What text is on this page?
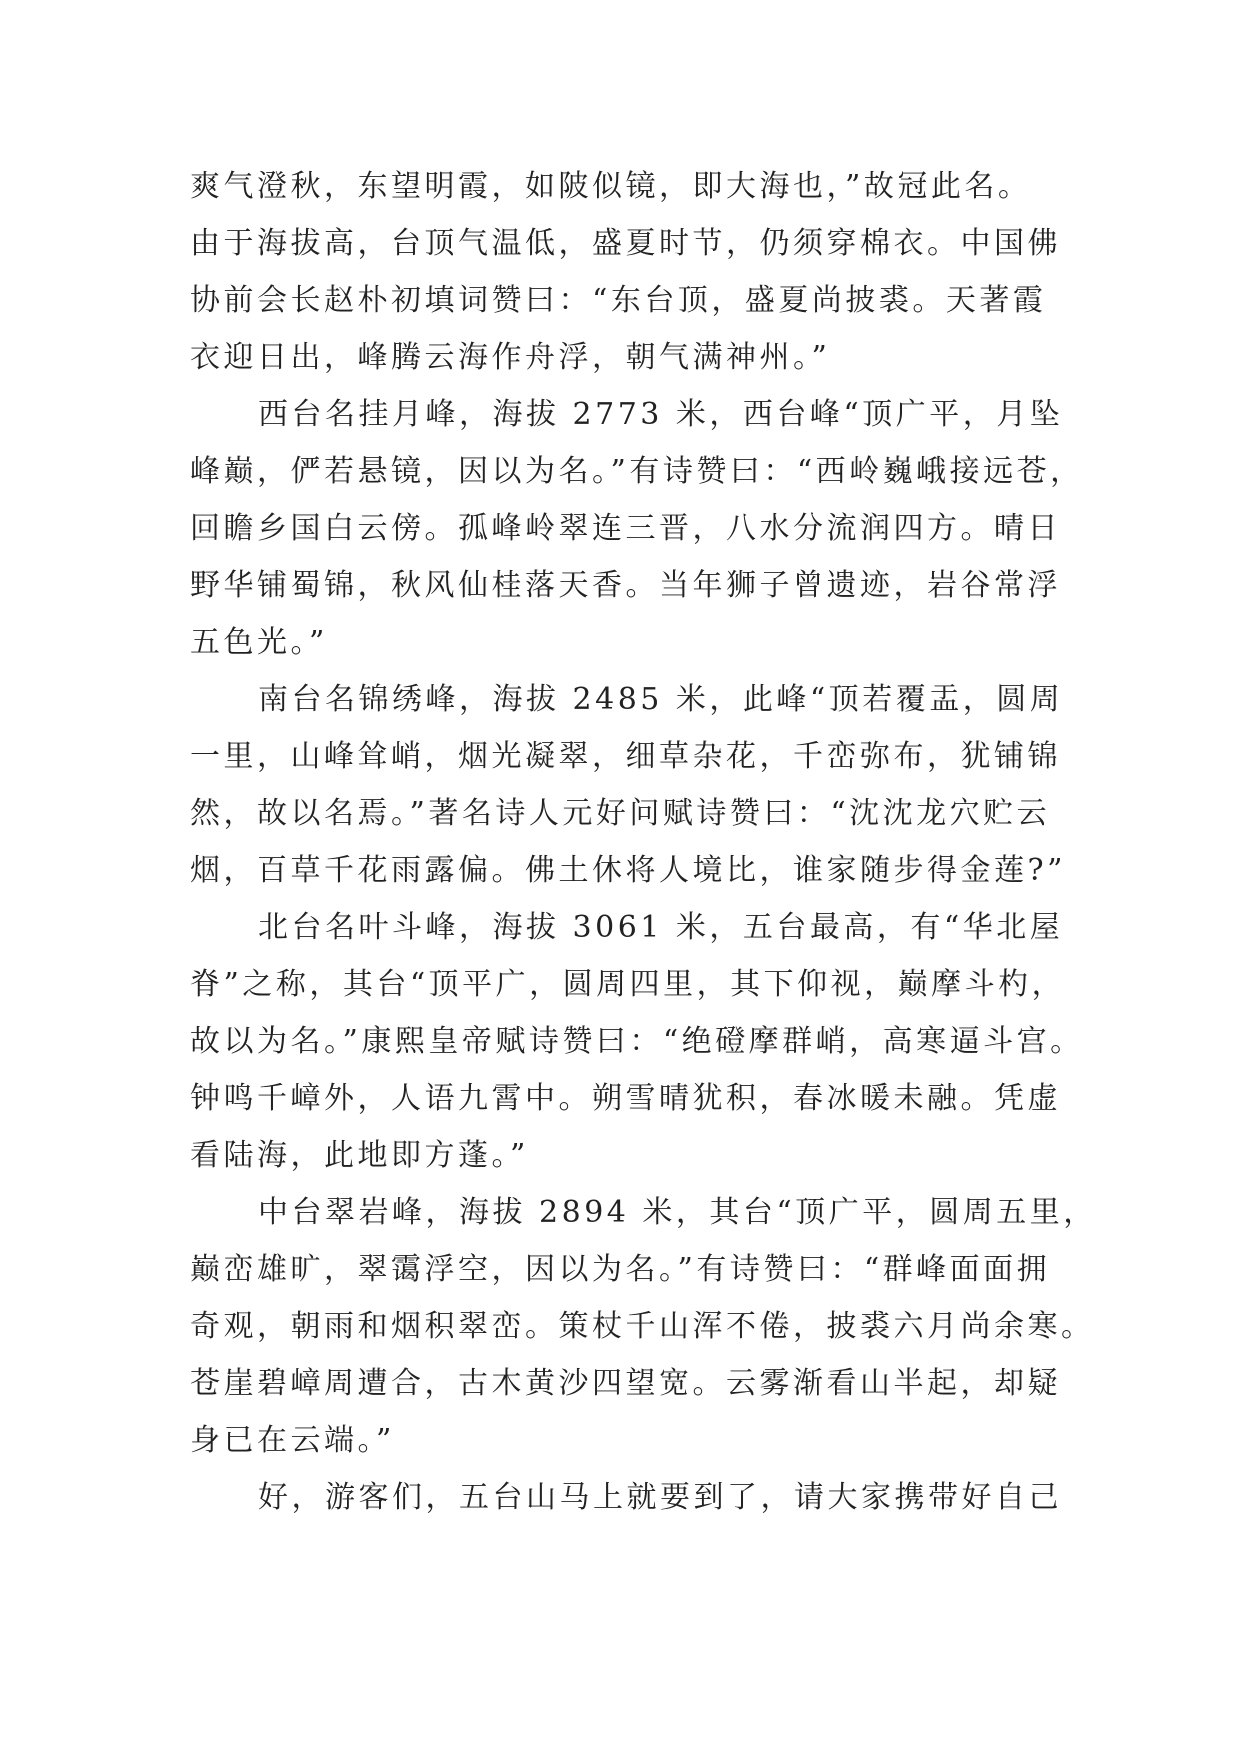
爽气澄秋，东望明霞，如陂似镜，即大海也，”故冠此名。
由于海拔高，台顶气温低，盛夏时节，仍须穿棉衣。中国佛
协前会长赵朴初填词赞曰：“东台顶，盛夏尚披裘。天著霞
衣迎日出，峰腾云海作舟浮，朝气满神州。”
西台名挂月峰，海拔 2773 米，西台峰“顶广平，月坠
峰巅，俨若悬镜，因以为名。”有诗赞曰：“西岭巍峨接远苍，
回瞻乡国白云傍。孤峰岭翠连三晋，八水分流润四方。晴日
野华铺蜀锦，秋风仙桂落天香。当年狮子曾遗迹，岩谷常浮
五色光。”
南台名锦绣峰，海拔 2485 米，此峰“顶若覆盂，圆周
一里，山峰耸峭，烟光凝翠，细草杂花，千峦弥布，犹铺锦
然，故以名焉。”著名诗人元好问赋诗赞曰：“沈沈龙穴贮云
烟，百草千花雨露偏。佛土休将人境比，谁家随步得金莲?”
北台名叶斗峰，海拔 3061 米，五台最高，有“华北屋
脊”之称，其台“顶平广，圆周四里，其下仰视，巅摩斗杓，
故以为名。”康熙皇帝赋诗赞曰：“绝磴摩群峭，高寒逼斗宫。
钟鸣千嶂外，人语九霄中。朔雪晴犹积，春冰暖未融。凭虚
看陆海，此地即方蓬。”
中台翠岩峰，海拔 2894 米，其台“顶广平，圆周五里，
巅峦雄旷，翠霭浮空，因以为名。”有诗赞曰：“群峰面面拥
奇观，朝雨和烟积翠峦。策杖千山浑不倦，披裘六月尚余寒。
苍崖碧嶂周遭合，古木黄沙四望宽。云雾渐看山半起，却疑
身已在云端。”
好，游客们，五台山马上就要到了，请大家携带好自己
